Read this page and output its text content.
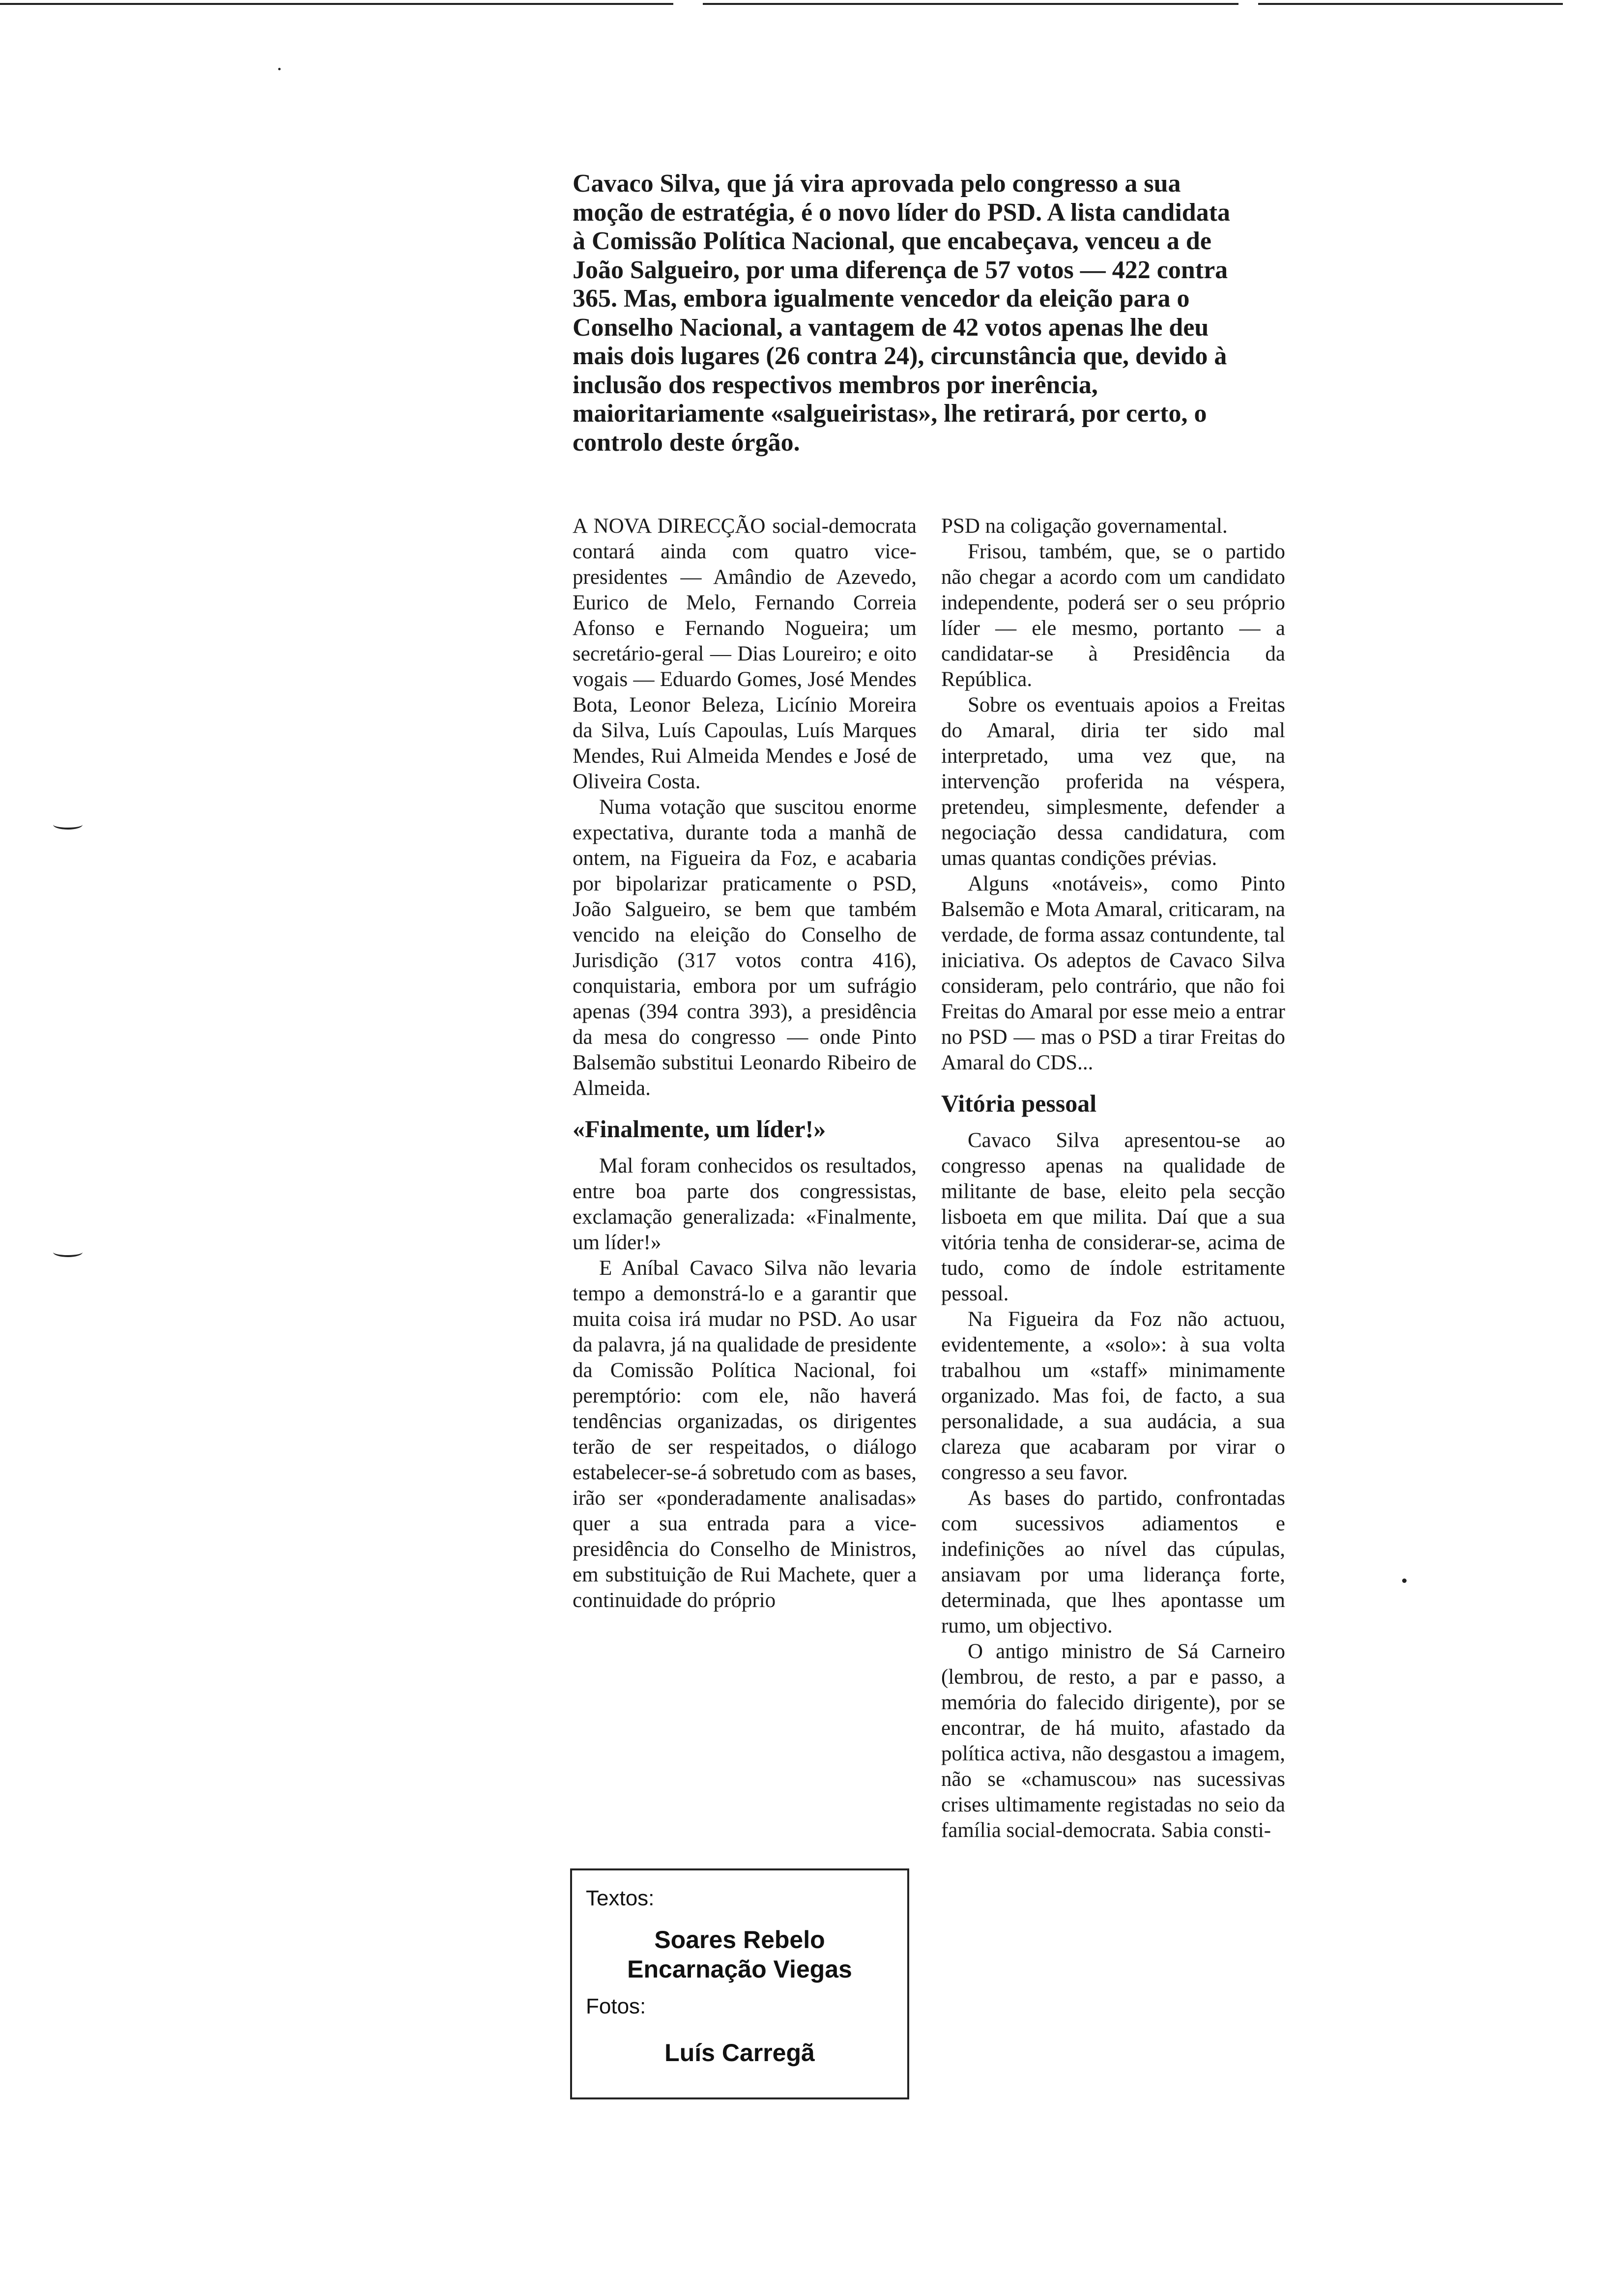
Cavaco Silva, que já vira aprovada pelo congresso a sua moção de estratégia, é o novo líder do PSD. A lista candidata à Comissão Política Nacional, que encabeçava, venceu a de João Salgueiro, por uma diferença de 57 votos — 422 contra 365. Mas, embora igualmente vencedor da eleição para o Conselho Nacional, a vantagem de 42 votos apenas lhe deu mais dois lugares (26 contra 24), circunstância que, devido à inclusão dos respectivos membros por inerência, maioritariamente «salgueiristas», lhe retirará, por certo, o controlo deste órgão.

A NOVA DIRECÇÃO social-democrata contará ainda com quatro vice-presidentes — Amândio de Azevedo, Eurico de Melo, Fernando Correia Afonso e Fernando Nogueira; um secretário-geral — Dias Loureiro; e oito vogais — Eduardo Gomes, José Mendes Bota, Leonor Beleza, Licínio Moreira da Silva, Luís Capoulas, Luís Marques Mendes, Rui Almeida Mendes e José de Oliveira Costa.

Numa votação que suscitou enorme expectativa, durante toda a manhã de ontem, na Figueira da Foz, e acabaria por bipolarizar praticamente o PSD, João Salgueiro, se bem que também vencido na eleição do Conselho de Jurisdição (317 votos contra 416), conquistaria, embora por um sufrágio apenas (394 contra 393), a presidência da mesa do congresso — onde Pinto Balsemão substitui Leonardo Ribeiro de Almeida.

«Finalmente, um líder!»

Mal foram conhecidos os resultados, entre boa parte dos congressistas, exclamação generalizada: «Finalmente, um líder!»

E Aníbal Cavaco Silva não levaria tempo a demonstrá-lo e a garantir que muita coisa irá mudar no PSD. Ao usar da palavra, já na qualidade de presidente da Comissão Política Nacional, foi peremptório: com ele, não haverá tendências organizadas, os dirigentes terão de ser respeitados, o diálogo estabelecer-se-á sobretudo com as bases, irão ser «ponderadamente analisadas» quer a sua entrada para a vice-presidência do Conselho de Ministros, em substituição de Rui Machete, quer a continuidade do próprio

PSD na coligação governamental.

Frisou, também, que, se o partido não chegar a acordo com um candidato independente, poderá ser o seu próprio líder — ele mesmo, portanto — a candidatar-se à Presidência da República.

Sobre os eventuais apoios a Freitas do Amaral, diria ter sido mal interpretado, uma vez que, na intervenção proferida na véspera, pretendeu, simplesmente, defender a negociação dessa candidatura, com umas quantas condições prévias.

Alguns «notáveis», como Pinto Balsemão e Mota Amaral, criticaram, na verdade, de forma assaz contundente, tal iniciativa. Os adeptos de Cavaco Silva consideram, pelo contrário, que não foi Freitas do Amaral por esse meio a entrar no PSD — mas o PSD a tirar Freitas do Amaral do CDS...

Vitória pessoal

Cavaco Silva apresentou-se ao congresso apenas na qualidade de militante de base, eleito pela secção lisboeta em que milita. Daí que a sua vitória tenha de considerar-se, acima de tudo, como de índole estritamente pessoal.

Na Figueira da Foz não actuou, evidentemente, a «solo»: à sua volta trabalhou um «staff» minimamente organizado. Mas foi, de facto, a sua personalidade, a sua audácia, a sua clareza que acabaram por virar o congresso a seu favor.

As bases do partido, confrontadas com sucessivos adiamentos e indefinições ao nível das cúpulas, ansiavam por uma liderança forte, determinada, que lhes apontasse um rumo, um objectivo.

O antigo ministro de Sá Carneiro (lembrou, de resto, a par e passo, a memória do falecido dirigente), por se encontrar, de há muito, afastado da política activa, não desgastou a imagem, não se «chamuscou» nas sucessivas crises ultimamente registadas no seio da família social-democrata. Sabia consti-

Textos:
Soares Rebelo
Encarnação Viegas
Fotos:
Luís Carregã
